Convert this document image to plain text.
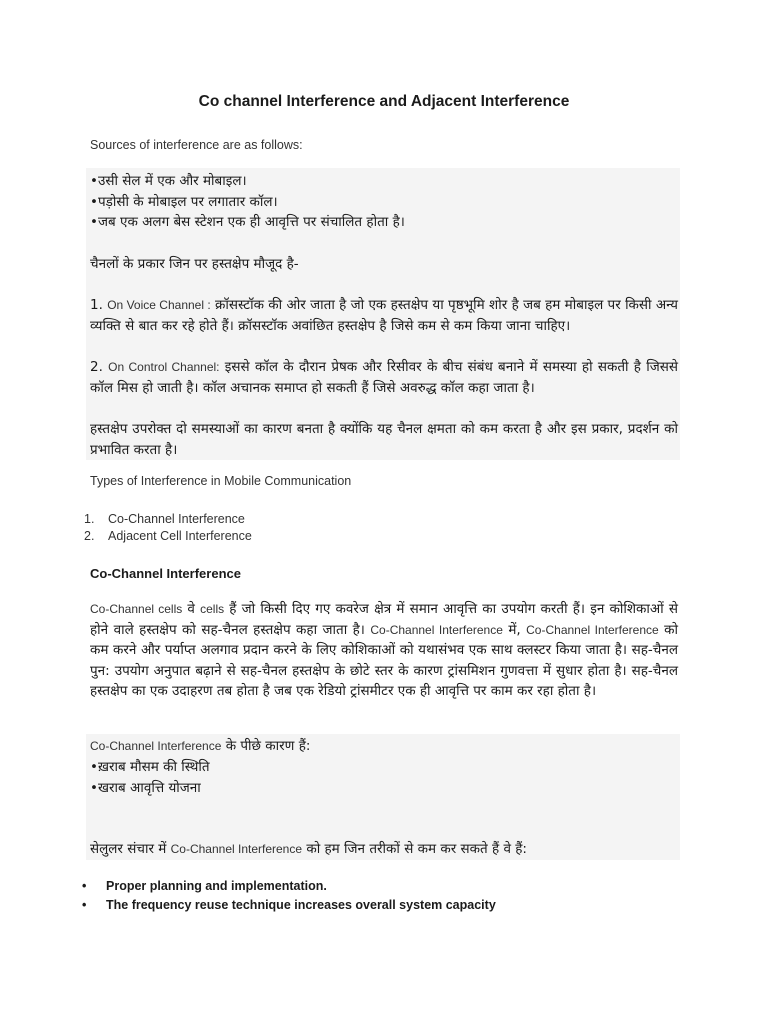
Co channel Interference and Adjacent Interference
Sources of interference are as follows:
•उसी सेल में एक और मोबाइल।
•पड़ोसी के मोबाइल पर लगातार कॉल।
•जब एक अलग बेस स्टेशन एक ही आवृत्ति पर संचालित होता है।
चैनलों के प्रकार जिन पर हस्तक्षेप मौजूद है-
1. On Voice Channel : क्रॉसस्टॉक की ओर जाता है जो एक हस्तक्षेप या पृष्ठभूमि शोर है जब हम मोबाइल पर किसी अन्य व्यक्ति से बात कर रहे होते हैं। क्रॉसस्टॉक अवांछित हस्तक्षेप है जिसे कम से कम किया जाना चाहिए।
2. On Control Channel: इससे कॉल के दौरान प्रेषक और रिसीवर के बीच संबंध बनाने में समस्या हो सकती है जिससे कॉल मिस हो जाती है। कॉल अचानक समाप्त हो सकती हैं जिसे अवरुद्ध कॉल कहा जाता है।
हस्तक्षेप उपरोक्त दो समस्याओं का कारण बनता है क्योंकि यह चैनल क्षमता को कम करता है और इस प्रकार, प्रदर्शन को प्रभावित करता है।
Types of Interference in Mobile Communication
1. Co-Channel Interference
2. Adjacent Cell Interference
Co-Channel Interference
Co-Channel cells वे cells हैं जो किसी दिए गए कवरेज क्षेत्र में समान आवृत्ति का उपयोग करती हैं। इन कोशिकाओं से होने वाले हस्तक्षेप को सह-चैनल हस्तक्षेप कहा जाता है। Co-Channel Interference में, Co-Channel Interference को कम करने और पर्याप्त अलगाव प्रदान करने के लिए कोशिकाओं को यथासंभव एक साथ क्लस्टर किया जाता है। सह-चैनल पुन: उपयोग अनुपात बढ़ाने से सह-चैनल हस्तक्षेप के छोटे स्तर के कारण ट्रांसमिशन गुणवत्ता में सुधार होता है। सह-चैनल हस्तक्षेप का एक उदाहरण तब होता है जब एक रेडियो ट्रांसमीटर एक ही आवृत्ति पर काम कर रहा होता है।
Co-Channel Interference के पीछे कारण हैं:
•ख़राब मौसम की स्थिति
•खराब आवृत्ति योजना
सेलुलर संचार में Co-Channel Interference को हम जिन तरीकों से कम कर सकते हैं वे हैं:
• Proper planning and implementation.
• The frequency reuse technique increases overall system capacity
